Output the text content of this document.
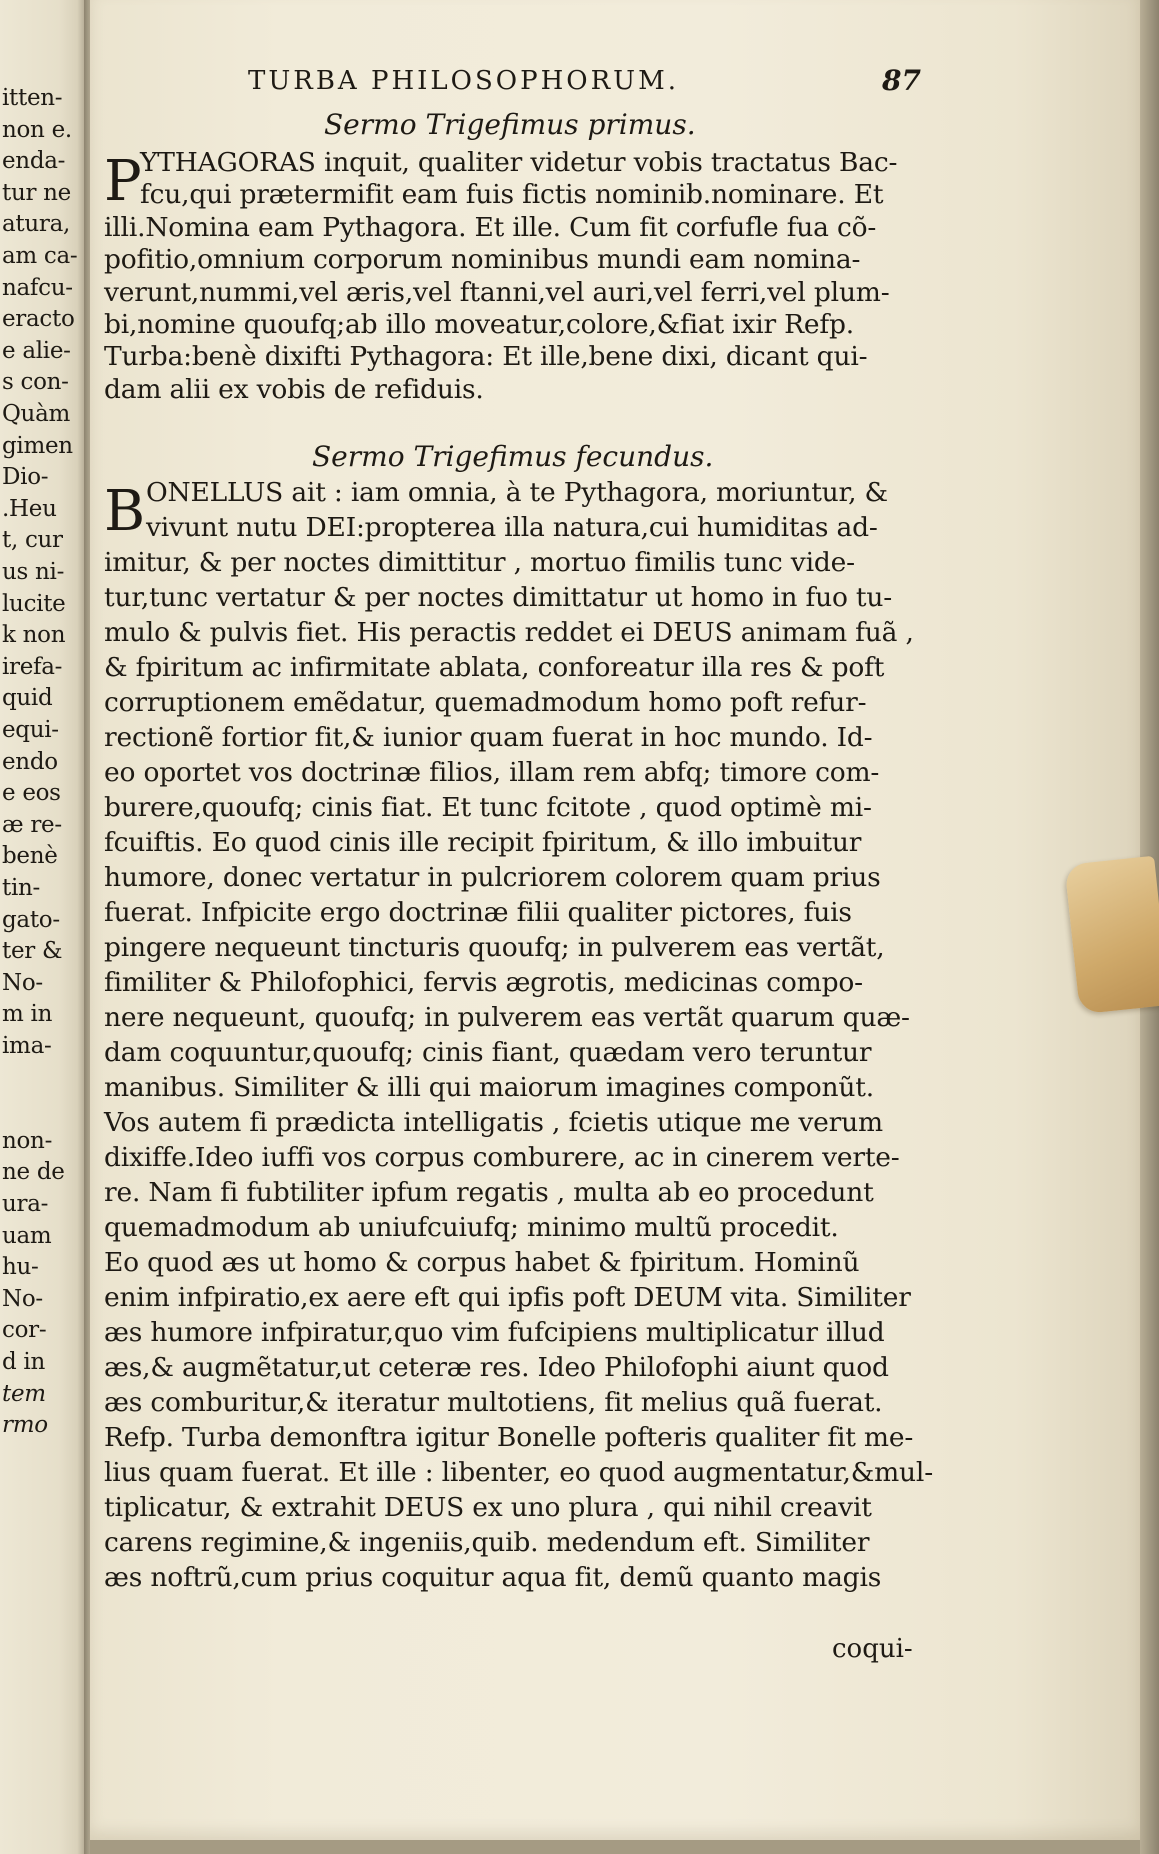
itten-
non e.
enda-
tur ne
atura,
am ca-
nafcu-
eracto
e alie-
s con-
Quàm
gimen
Dio-
.Heu
t, cur
us ni-
lucite
k non
irefa-
quid
equi-
endo
e eos
æ re-
benè
tin-
gato-
ter &
No-
m in
ima-
non-
ne de
ura-
uam
hu-
No-
cor-
d in
tem
rmo
TURBA PHILOSOPHORUM.	87
Sermo Trigefimus primus.
P
YTHAGORAS inquit, qualiter videtur vobis tractatus Bac-
fcu,qui prætermifit eam fuis fictis nominib.nominare. Et
illi.Nomina eam Pythagora. Et ille. Cum fit corfufle fua cõ-
pofitio,omnium corporum nominibus mundi eam nomina-
verunt,nummi,vel æris,vel ftanni,vel auri,vel ferri,vel plum-
bi,nomine quoufq;ab illo moveatur,colore,&fiat ixir Refp.
Turba:benè dixifti Pythagora: Et ille,bene dixi, dicant qui-
dam alii ex vobis de refiduis.
Sermo Trigefimus fecundus.
B ONELLUS ait : iam omnia, à te Pythagora, moriuntur, &
vivunt nutu DEI:propterea illa natura,cui humiditas ad-
imitur, & per noctes dimittitur , mortuo fimilis tunc vide-
tur,tunc vertatur & per noctes dimittatur ut homo in fuo tu-
mulo & pulvis fiet. His peractis reddet ei DEUS animam fuã ,
& fpiritum ac infirmitate ablata, conforeatur illa res & poft
corruptionem emẽdatur, quemadmodum homo poft refur-
rectionẽ fortior fit,& iunior quam fuerat in hoc mundo. Id-
eo oportet vos doctrinæ filios, illam rem abfq; timore com-
burere,quoufq; cinis fiat. Et tunc fcitote , quod optimè mi-
fcuiftis. Eo quod cinis ille recipit fpiritum, & illo imbuitur
humore, donec vertatur in pulcriorem colorem quam prius
fuerat. Infpicite ergo doctrinæ filii qualiter pictores, fuis
pingere nequeunt tincturis quoufq; in pulverem eas vertãt,
fimiliter & Philofophici, fervis ægrotis, medicinas compo-
nere nequeunt, quoufq; in pulverem eas vertãt quarum quæ-
dam coquuntur,quoufq; cinis fiant, quædam vero teruntur
manibus. Similiter & illi qui maiorum imagines componũt.
Vos autem fi prædicta intelligatis , fcietis utique me verum
dixiffe.Ideo iuffi vos corpus comburere, ac in cinerem verte-
re. Nam fi fubtiliter ipfum regatis , multa ab eo procedunt
quemadmodum ab uniufcuiufq; minimo multũ procedit.
Eo quod æs ut homo & corpus habet & fpiritum. Hominũ
enim infpiratio,ex aere eft qui ipfis poft DEUM vita. Similiter
æs humore infpiratur,quo vim fufcipiens multiplicatur illud
æs,& augmẽtatur,ut ceteræ res. Ideo Philofophi aiunt quod
æs comburitur,& iteratur multotiens, fit melius quã fuerat.
Refp. Turba demonftra igitur Bonelle pofteris qualiter fit me-
lius quam fuerat. Et ille : libenter, eo quod augmentatur,&mul-
tiplicatur, & extrahit DEUS ex uno plura , qui nihil creavit
carens regimine,& ingeniis,quib. medendum eft. Similiter
æs noftrũ,cum prius coquitur aqua fit, demũ quanto magis
coqui-
